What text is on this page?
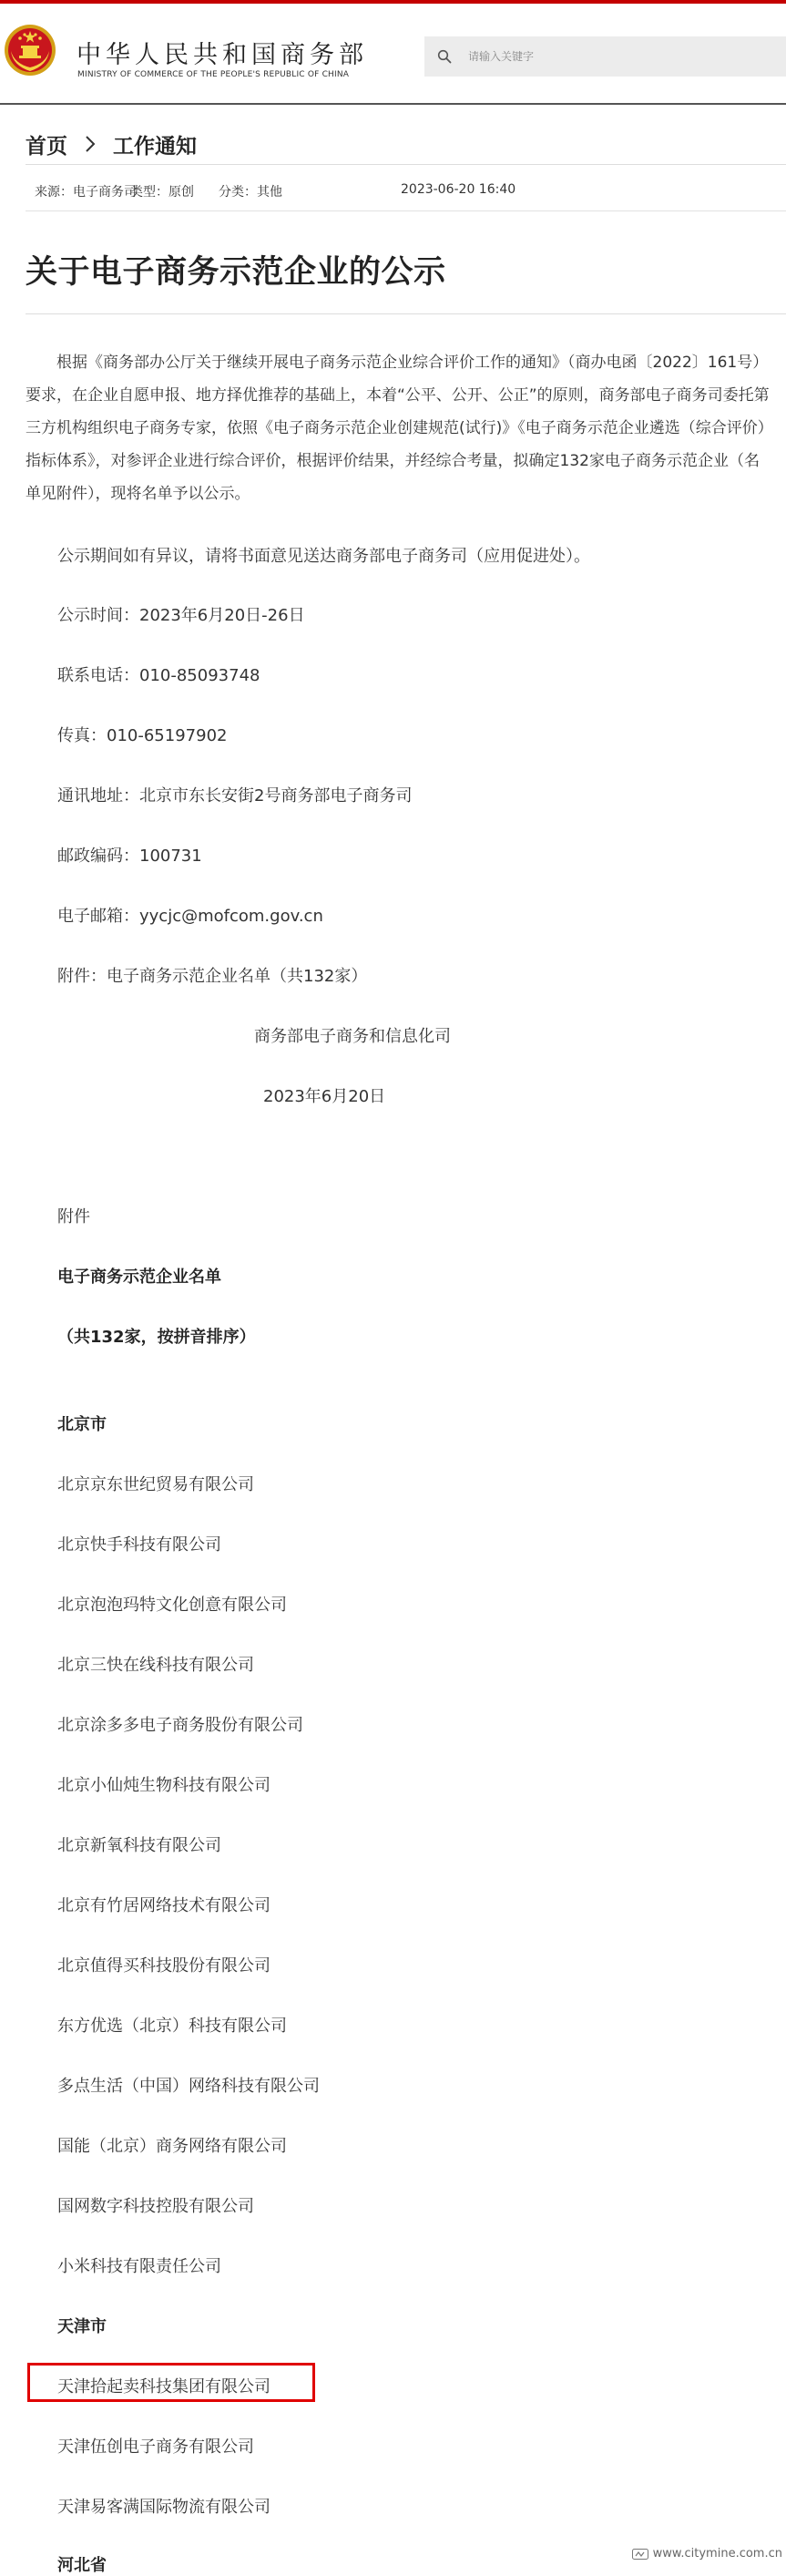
中华人民共和国商务部
MINISTRY OF COMMERCE OF THE PEOPLE'S REPUBLIC OF CHINA
请输入关键字
首页 工作通知
来源：电子商务司
类型：原创 分类：其他	2023-06-20 16:40
关于电子商务示范企业的公示
根据《商务部办公厅关于继续开展电子商务示范企业综合评价工作的通知》（商办电函〔2022〕161号）要求，在企业自愿申报、地方择优推荐的基础上，本着“公平、公开、公正”的原则，商务部电子商务司委托第三方机构组织电子商务专家，依照《电子商务示范企业创建规范(试行)》《电子商务示范企业遴选（综合评价）指标体系》，对参评企业进行综合评价，根据评价结果，并经综合考量，拟确定132家电子商务示范企业（名单见附件），现将名单予以公示。
公示期间如有异议，请将书面意见送达商务部电子商务司（应用促进处）。
公示时间：2023年6月20日-26日
联系电话：010-85093748
传真：010-65197902
通讯地址：北京市东长安街2号商务部电子商务司
邮政编码：100731
电子邮箱：yycjc@mofcom.gov.cn
附件：电子商务示范企业名单（共132家）
商务部电子商务和信息化司
2023年6月20日
附件
电子商务示范企业名单
（共132家，按拼音排序）
北京市
北京京东世纪贸易有限公司
北京快手科技有限公司
北京泡泡玛特文化创意有限公司
北京三快在线科技有限公司
北京涂多多电子商务股份有限公司
北京小仙炖生物科技有限公司
北京新氧科技有限公司
北京有竹居网络技术有限公司
北京值得买科技股份有限公司
东方优选（北京）科技有限公司
多点生活（中国）网络科技有限公司
国能（北京）商务网络有限公司
国网数字科技控股有限公司
小米科技有限责任公司
天津市
天津拾起卖科技集团有限公司
天津伍创电子商务有限公司
天津易客满国际物流有限公司
河北省
www.citymine.com.cn
